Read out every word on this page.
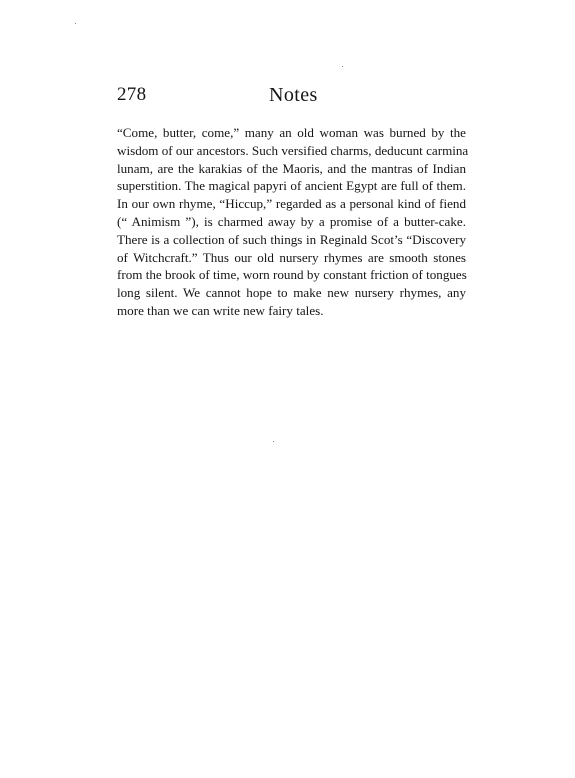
278	Notes
“Come, butter, come,” many an old woman was burned by the
wisdom of our ancestors. Such versified charms, deducunt carmina
lunam, are the karakias of the Maoris, and the mantras of Indian
superstition. The magical papyri of ancient Egypt are full of them.
In our own rhyme, “Hiccup,” regarded as a personal kind of fiend
(“ Animism ”), is charmed away by a promise of a butter-cake.
There is a collection of such things in Reginald Scot’s “Discovery
of Witchcraft.” Thus our old nursery rhymes are smooth stones
from the brook of time, worn round by constant friction of tongues
long silent. We cannot hope to make new nursery rhymes, any
more than we can write new fairy tales.
